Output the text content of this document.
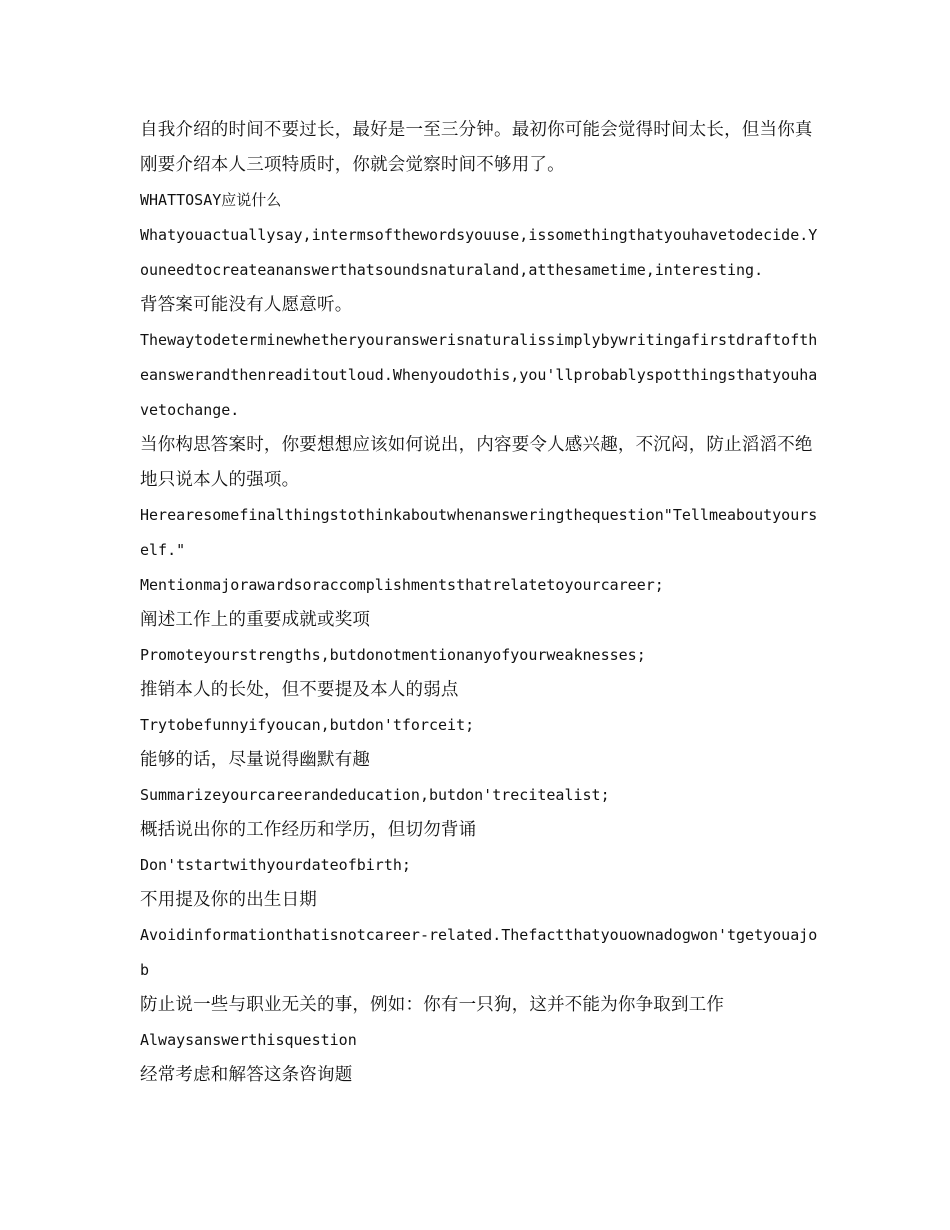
自我介绍的时间不要过长，最好是一至三分钟。最初你可能会觉得时间太长，但当你真刚要介绍本人三项特质时，你就会觉察时间不够用了。

WHATTOSAY应说什么

Whatyouactuallysay,intermsofthewordsyouuse,issomethingthatyouhavetodecide.Youneedtocreateananswerthatsoundsnaturaland,atthesametime,interesting.

背答案可能没有人愿意听。

Thewaytodeterminewhetheryouranswerisnaturalissimplybywritingafirstdraftoftheanswerandthenreaditoutloud.Whenyoudothis,you'llprobablyspotthingsthatyouhavetochange.

当你构思答案时，你要想想应该如何说出，内容要令人感兴趣，不沉闷，防止滔滔不绝地只说本人的强项。

Herearesomefinalthingstothinkaboutwhenansweringthequestion"Tellmeaboutyourself."

Mentionmajorawardsoraccomplishmentsthatrelatetoyourcareer;

阐述工作上的重要成就或奖项

Promoteyourstrengths,butdonotmentionanyofyourweaknesses;

推销本人的长处，但不要提及本人的弱点

Trytobefunnyifyoucan,butdon'tforceit;

能够的话，尽量说得幽默有趣

Summarizeyourcareerandeducation,butdon'trecitealist;

概括说出你的工作经历和学历，但切勿背诵

Don'tstartwithyourdateofbirth;

不用提及你的出生日期

Avoidinformationthatisnotcareer-related.Thefactthatyouownadogwon'tgetyouajob

防止说一些与职业无关的事，例如：你有一只狗，这并不能为你争取到工作

Alwaysanswerthisquestion

经常考虑和解答这条咨询题
